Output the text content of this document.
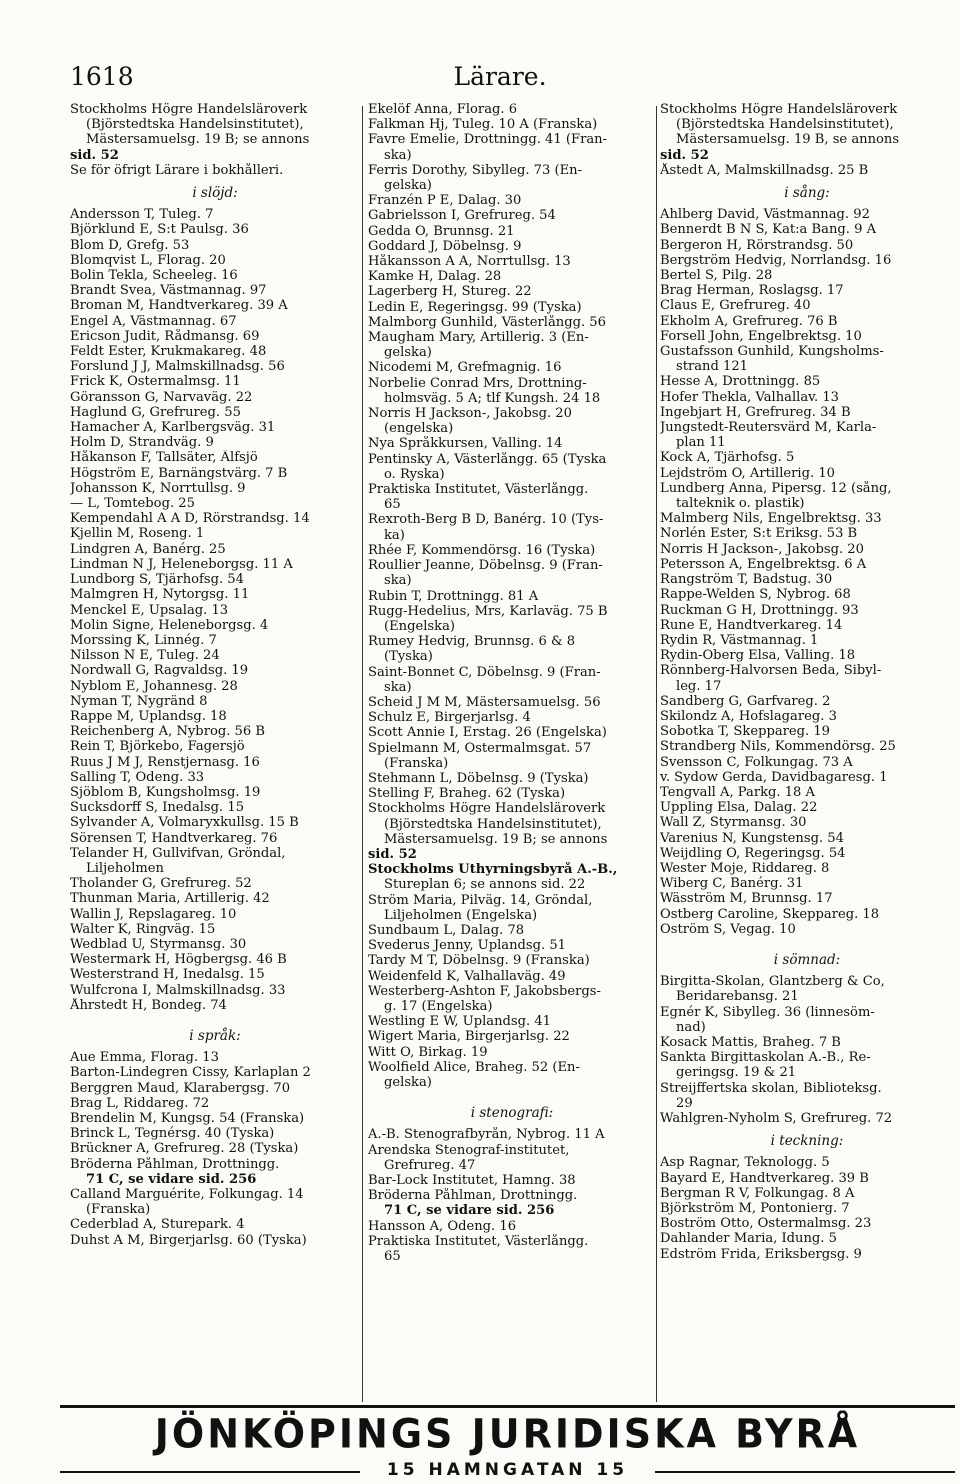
1618	Lärare.
Stockholms Högre Handelsläroverk
(Björstedtska Handelsinstitutet),
Mästersamuelsg. 19 B; se annons
sid. 52
Se för öfrigt Lärare i bokhålleri.
i slöjd:
Andersson T, Tuleg. 7
Björklund E, S:t Paulsg. 36
Blom D, Grefg. 53
Blomqvist L, Florag. 20
Bolin Tekla, Scheeleg. 16
Brandt Svea, Västmannag. 97
Broman M, Handtverkareg. 39 A
Engel A, Västmannag. 67
Ericson Judit, Rådmansg. 69
Feldt Ester, Krukmakareg. 48
Forslund J J, Malmskillnadsg. 56
Frick K, Östermalmsg. 11
Göransson G, Narvaväg. 22
Haglund G, Grefrureg. 55
Hamacher A, Karlbergsväg. 31
Holm D, Strandväg. 9
Håkanson F, Tallsäter, Älfsjö
Högström E, Barnängstvärg. 7 B
Johansson K, Norrtullsg. 9
— L, Tomtebog. 25
Kempendahl A A D, Rörstrandsg. 14
Kjellin M, Roseng. 1
Lindgren A, Banérg. 25
Lindman N J, Heleneborgsg. 11 A
Lundborg S, Tjärhofsg. 54
Malmgren H, Nytorgsg. 11
Menckel E, Upsalag. 13
Molin Signe, Heleneborgsg. 4
Morssing K, Linnég. 7
Nilsson N E, Tuleg. 24
Nordwall G, Ragvaldsg. 19
Nyblom E, Johannesg. 28
Nyman T, Nygränd 8
Rappe M, Uplandsg. 18
Reichenberg A, Nybrog. 56 B
Rein T, Björkebo, Fagersjö
Ruus J M J, Renstjernasg. 16
Salling T, Odeng. 33
Sjöblom B, Kungsholmsg. 19
Sucksdorff S, Inedalsg. 15
Sylvander A, Volmaryxkullsg. 15 B
Sörensen T, Handtverkareg. 76
Telander H, Gullvifvan, Gröndal,
Liljeholmen
Tholander G, Grefrureg. 52
Thunman Maria, Artillerig. 42
Wallin J, Repslagareg. 10
Walter K, Ringväg. 15
Wedblad U, Styrmansg. 30
Westermark H, Högbergsg. 46 B
Westerstrand H, Inedalsg. 15
Wulfcrona I, Malmskillnadsg. 33
Åhrstedt H, Bondeg. 74
i språk:
Aue Emma, Florag. 13
Barton-Lindegren Cissy, Karlaplan 2
Berggren Maud, Klarabergsg. 70
Brag L, Riddareg. 72
Brendelin M, Kungsg. 54 (Franska)
Brinck L, Tegnérsg. 40 (Tyska)
Brückner A, Grefrureg. 28 (Tyska)
Bröderna Påhlman, Drottningg.
71 C, se vidare sid. 256
Calland Marguérite, Folkungag. 14
(Franska)
Cederblad A, Sturepark. 4
Duhst A M, Birgerjarlsg. 60 (Tyska)
Ekelöf Anna, Florag. 6
Falkman Hj, Tuleg. 10 A (Franska)
Favre Emelie, Drottningg. 41 (Fran-
ska)
Ferris Dorothy, Sibylleg. 73 (En-
gelska)
Franzén P E, Dalag. 30
Gabrielsson I, Grefrureg. 54
Gedda O, Brunnsg. 21
Goddard J, Döbelnsg. 9
Håkansson A A, Norrtullsg. 13
Kamke H, Dalag. 28
Lagerberg H, Stureg. 22
Ledin E, Regeringsg. 99 (Tyska)
Malmborg Gunhild, Västerlångg. 56
Maugham Mary, Artillerig. 3 (En-
gelska)
Nicodemi M, Grefmagnig. 16
Norbelie Conrad Mrs, Drottning-
holmsväg. 5 A; tlf Kungsh. 24 18
Norris H Jackson-, Jakobsg. 20
(engelska)
Nya Språkkursen, Valling. 14
Pentinsky A, Västerlångg. 65 (Tyska
o. Ryska)
Praktiska Institutet, Västerlångg.
65
Rexroth-Berg B D, Banérg. 10 (Tys-
ka)
Rhée F, Kommendörsg. 16 (Tyska)
Roullier Jeanne, Döbelnsg. 9 (Fran-
ska)
Rubin T, Drottningg. 81 A
Rugg-Hedelius, Mrs, Karlaväg. 75 B
(Engelska)
Rumey Hedvig, Brunnsg. 6 & 8
(Tyska)
Saint-Bonnet C, Döbelnsg. 9 (Fran-
ska)
Scheid J M M, Mästersamuelsg. 56
Schulz E, Birgerjarlsg. 4
Scott Annie I, Erstag. 26 (Engelska)
Spielmann M, Östermalmsgat. 57
(Franska)
Stehmann L, Döbelnsg. 9 (Tyska)
Stelling F, Braheg. 62 (Tyska)
Stockholms Högre Handelsläroverk
(Björstedtska Handelsinstitutet),
Mästersamuelsg. 19 B; se annons
sid. 52
Stockholms Uthyrningsbyrå A.-B.,
Stureplan 6; se annons sid. 22
Ström Maria, Pilväg. 14, Gröndal,
Liljeholmen (Engelska)
Sundbaum L, Dalag. 78
Svederus Jenny, Uplandsg. 51
Tardy M T, Döbelnsg. 9 (Franska)
Weidenfeld K, Valhallaväg. 49
Westerberg-Ashton F, Jakobsbergs-
g. 17 (Engelska)
Westling E W, Uplandsg. 41
Wigert Maria, Birgerjarlsg. 22
Witt O, Birkag. 19
Woolfield Alice, Braheg. 52 (En-
gelska)
i stenografi:
A.-B. Stenografbyrån, Nybrog. 11 A
Arendska Stenograf-institutet,
Grefrureg. 47
Bar-Lock Institutet, Hamng. 38
Bröderna Påhlman, Drottningg.
71 C, se vidare sid. 256
Hansson A, Odeng. 16
Praktiska Institutet, Västerlångg.
65
Stockholms Högre Handelsläroverk
(Björstedtska Handelsinstitutet),
Mästersamuelsg. 19 B, se annons
sid. 52
Åstedt A, Malmskillnadsg. 25 B
i sång:
Ahlberg David, Västmannag. 92
Bennerdt B N S, Kat:a Bang. 9 A
Bergeron H, Rörstrandsg. 50
Bergström Hedvig, Norrlandsg. 16
Bertel S, Pilg. 28
Brag Herman, Roslagsg. 17
Claus E, Grefrureg. 40
Ekholm A, Grefrureg. 76 B
Forsell John, Engelbrektsg. 10
Gustafsson Gunhild, Kungsholms-
strand 121
Hesse A, Drottningg. 85
Hofer Thekla, Valhallav. 13
Ingebjart H, Grefrureg. 34 B
Jungstedt-Reutersvärd M, Karla-
plan 11
Kock A, Tjärhofsg. 5
Lejdström O, Artillerig. 10
Lundberg Anna, Pipersg. 12 (sång,
talteknik o. plastik)
Malmberg Nils, Engelbrektsg. 33
Norlén Ester, S:t Eriksg. 53 B
Norris H Jackson-, Jakobsg. 20
Petersson A, Engelbrektsg. 6 A
Rangström T, Badstug. 30
Rappe-Welden S, Nybrog. 68
Ruckman G H, Drottningg. 93
Rune E, Handtverkareg. 14
Rydin R, Västmannag. 1
Rydin-Öberg Elsa, Valling. 18
Rönnberg-Halvorsen Beda, Sibyl-
leg. 17
Sandberg G, Garfvareg. 2
Skilondz A, Hofslagareg. 3
Sobotka T, Skeppareg. 19
Strandberg Nils, Kommendörsg. 25
Svensson C, Folkungag. 73 A
v. Sydow Gerda, Davidbagaresg. 1
Tengvall A, Parkg. 18 A
Uppling Elsa, Dalag. 22
Wall Z, Styrmansg. 30
Varenius N, Kungstensg. 54
Weijdling O, Regeringsg. 54
Wester Moje, Riddareg. 8
Wiberg C, Banérg. 31
Wäsström M, Brunnsg. 17
Östberg Caroline, Skeppareg. 18
Öström S, Vegag. 10
i sömnad:
Birgitta-Skolan, Glantzberg & Co,
Beridarebansg. 21
Egnér K, Sibylleg. 36 (linnesöm-
nad)
Kosack Mattis, Braheg. 7 B
Sankta Birgittaskolan A.-B., Re-
geringsg. 19 & 21
Streijffertska skolan, Biblioteksg.
29
Wahlgren-Nyholm S, Grefrureg. 72
i teckning:
Asp Ragnar, Teknologg. 5
Bayard E, Handtverkareg. 39 B
Bergman R V, Folkungag. 8 A
Björkström M, Pontonierg. 7
Boström Otto, Östermalmsg. 23
Dahlander Maria, Idung. 5
Edström Frida, Eriksbergsg. 9
JÖNKÖPINGS JURIDISKA BYRÅ
15 HAMNGATAN 15
